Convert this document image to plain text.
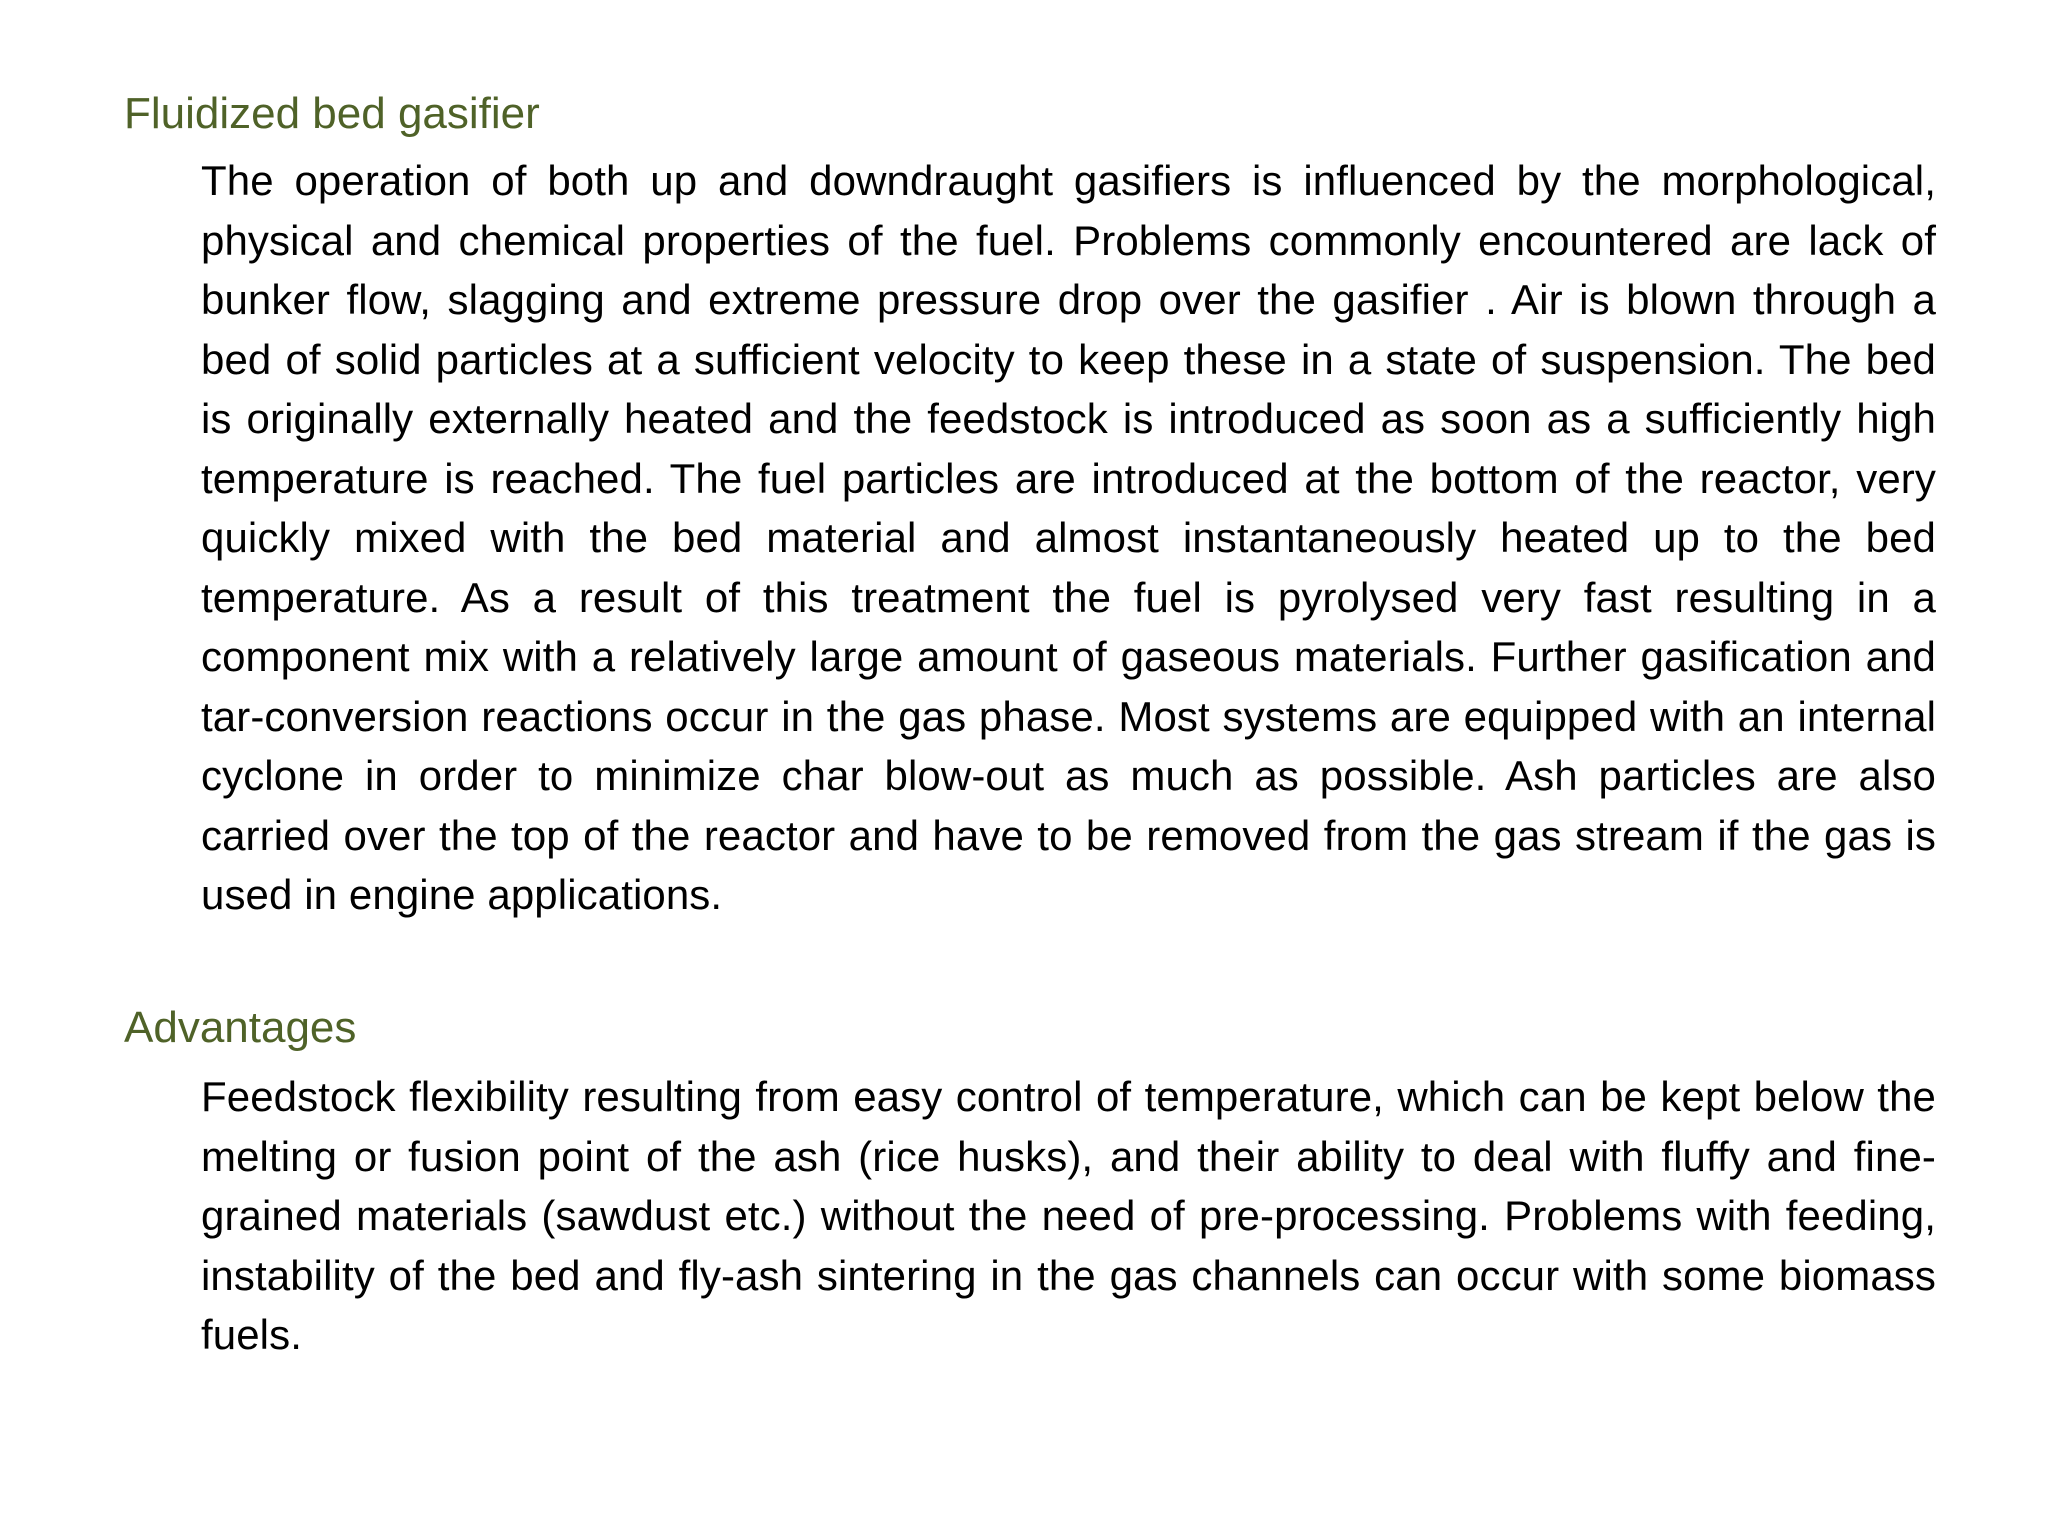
Fluidized bed gasifier

The operation of both up and downdraught gasifiers is influenced by the morphological, physical and chemical properties of the fuel. Problems commonly encountered are lack of bunker flow, slagging and extreme pressure drop over the gasifier . Air is blown through a bed of solid particles at a sufficient velocity to keep these in a state of suspension. The bed is originally externally heated and the feedstock is introduced as soon as a sufficiently high temperature is reached. The fuel particles are introduced at the bottom of the reactor, very quickly mixed with the bed material and almost instantaneously heated up to the bed temperature. As a result of this treatment the fuel is pyrolysed very fast resulting in a component mix with a relatively large amount of gaseous materials. Further gasification and tar-conversion reactions occur in the gas phase. Most systems are equipped with an internal cyclone in order to minimize char blow-out as much as possible. Ash particles are also carried over the top of the reactor and have to be removed from the gas stream if the gas is used in engine applications.

Advantages

Feedstock flexibility resulting from easy control of temperature, which can be kept below the melting or fusion point of the ash (rice husks), and their ability to deal with fluffy and fine-grained materials (sawdust etc.) without the need of pre-processing. Problems with feeding, instability of the bed and fly-ash sintering in the gas channels can occur with some biomass fuels.
